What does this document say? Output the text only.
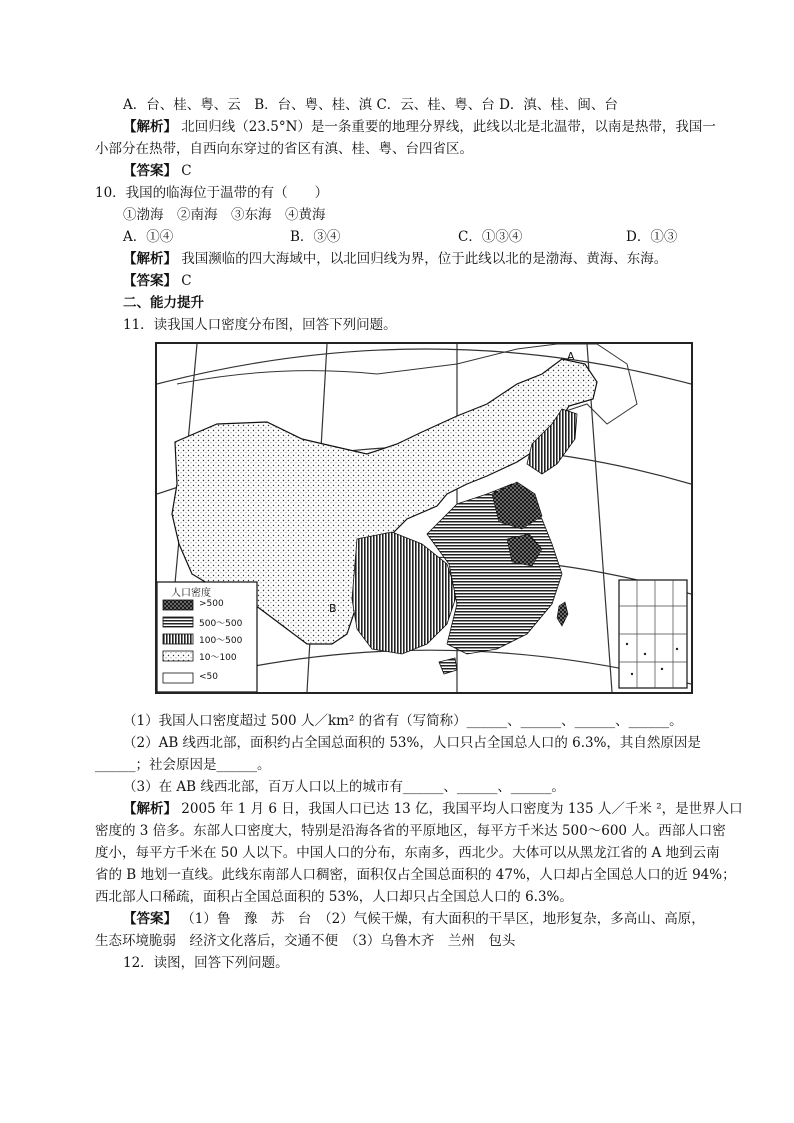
A．台、桂、粤、云　B．台、粤、桂、滇 C．云、桂、粤、台 D．滇、桂、闽、台
【解析】 北回归线（23.5°N）是一条重要的地理分界线，此线以北是北温带，以南是热带，我国一
小部分在热带，自西向东穿过的省区有滇、桂、粤、台四省区。
【答案】 C
10．我国的临海位于温带的有（　　）
①渤海　②南海　③东海　④黄海
A．①④	B．③④	C．①③④	D．①③
【解析】 我国濒临的四大海域中，以北回归线为界，位于此线以北的是渤海、黄海、东海。
【答案】 C
二、能力提升
11．读我国人口密度分布图，回答下列问题。
A
B
人口密度
>500
500～500
100～500
10～100
<50
（1）我国人口密度超过 500 人／km² 的省有（写简称）______、______、______、______。
（2）AB 线西北部，面积约占全国总面积的 53%，人口只占全国总人口的 6.3%，其自然原因是
______；社会原因是______。
（3）在 AB 线西北部，百万人口以上的城市有______、______、______。
【解析】 2005 年 1 月 6 日，我国人口已达 13 亿，我国平均人口密度为 135 人／千米 ²，是世界人口
密度的 3 倍多。东部人口密度大，特别是沿海各省的平原地区，每平方千米达 500～600 人。西部人口密
度小，每平方千米在 50 人以下。中国人口的分布，东南多，西北少。大体可以从黑龙江省的 A 地到云南
省的 B 地划一直线。此线东南部人口稠密，面积仅占全国总面积的 47%，人口却占全国总人口的近 94%；
西北部人口稀疏，面积占全国总面积的 53%，人口却只占全国总人口的 6.3%。
【答案】 （1）鲁　豫　苏　台　（2）气候干燥，有大面积的干旱区，地形复杂，多高山、高原，
生态环境脆弱　经济文化落后，交通不便　（3）乌鲁木齐　兰州　包头
12．读图，回答下列问题。
